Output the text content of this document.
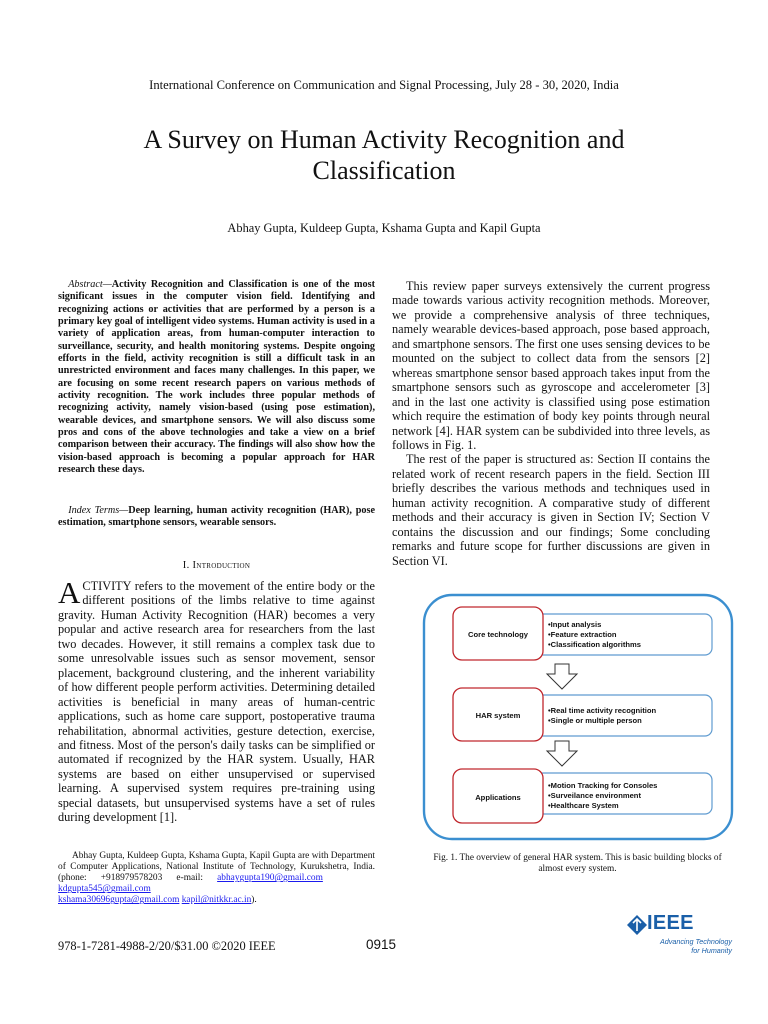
International Conference on Communication and Signal Processing, July 28 - 30, 2020, India
A Survey on Human Activity Recognition and Classification
Abhay Gupta, Kuldeep Gupta, Kshama Gupta and Kapil Gupta
 Abstract—Activity Recognition and Classification is one of the most significant issues in the computer vision field. Identifying and recognizing actions or activities that are performed by a person is a primary key goal of intelligent video systems. Human activity is used in a variety of application areas, from human-computer interaction to surveillance, security, and health monitoring systems. Despite ongoing efforts in the field, activity recognition is still a difficult task in an unrestricted environment and faces many challenges. In this paper, we are focusing on some recent research papers on various methods of activity recognition. The work includes three popular methods of recognizing activity, namely vision-based (using pose estimation), wearable devices, and smartphone sensors. We will also discuss some pros and cons of the above technologies and take a view on a brief comparison between their accuracy. The findings will also show how the vision-based approach is becoming a popular approach for HAR research these days.
 Index Terms—Deep learning, human activity recognition (HAR), pose estimation, smartphone sensors, wearable sensors.
I. Introduction
ACTIVITY refers to the movement of the entire body or the different positions of the limbs relative to time against gravity. Human Activity Recognition (HAR) becomes a very popular and active research area for researchers from the last two decades. However, it still remains a complex task due to some unresolvable issues such as sensor movement, sensor placement, background clustering, and the inherent variability of how different people perform activities. Determining detailed activities is beneficial in many areas of human-centric applications, such as home care support, postoperative trauma rehabilitation, abnormal activities, gesture detection, exercise, and fitness. Most of the person's daily tasks can be simplified or automated if recognized by the HAR system. Usually, HAR systems are based on either unsupervised or supervised learning. A supervised system requires pre-training using special datasets, but unsupervised systems have a set of rules during development [1].

Abhay Gupta, Kuldeep Gupta, Kshama Gupta, Kapil Gupta are with Department of Computer Applications, National Institute of Technology, Kurukshetra, India. (phone: +918979578203 e-mail: abhaygupta190@gmail.com kdgupta545@gmail.com
kshama30696gupta@gmail.com kapil@nitkkr.ac.in).

This review paper surveys extensively the current progress made towards various activity recognition methods. Moreover, we provide a comprehensive analysis of three techniques, namely wearable devices-based approach, pose based approach, and smartphone sensors. The first one uses sensing devices to be mounted on the subject to collect data from the sensors [2] whereas smartphone sensor based approach takes input from the smartphone sensors such as gyroscope and accelerometer [3] and in the last one activity is classified using pose estimation which require the estimation of body key points through neural network [4]. HAR system can be subdivided into three levels, as follows in Fig. 1.

The rest of the paper is structured as: Section II contains the related work of recent research papers in the field. Section III briefly describes the various methods and techniques used in human activity recognition. A comparative study of different methods and their accuracy is given in Section IV; Section V contains the discussion and our findings; Some concluding remarks and future scope for further discussions are given in Section VI.

Core technology
•Input analysis
•Feature extraction
•Classification algorithms
HAR system
•Real time activity recognition
•Single or multiple person
Applications
•Motion Tracking for Consoles
•Surveilance environment
•Healthcare System
Fig. 1. The overview of general HAR system. This is basic building blocks of almost every system.
978-1-7281-4988-2/20/$31.00 ©2020 IEEE	0915
IEEE
Advancing Technology
for Humanity
